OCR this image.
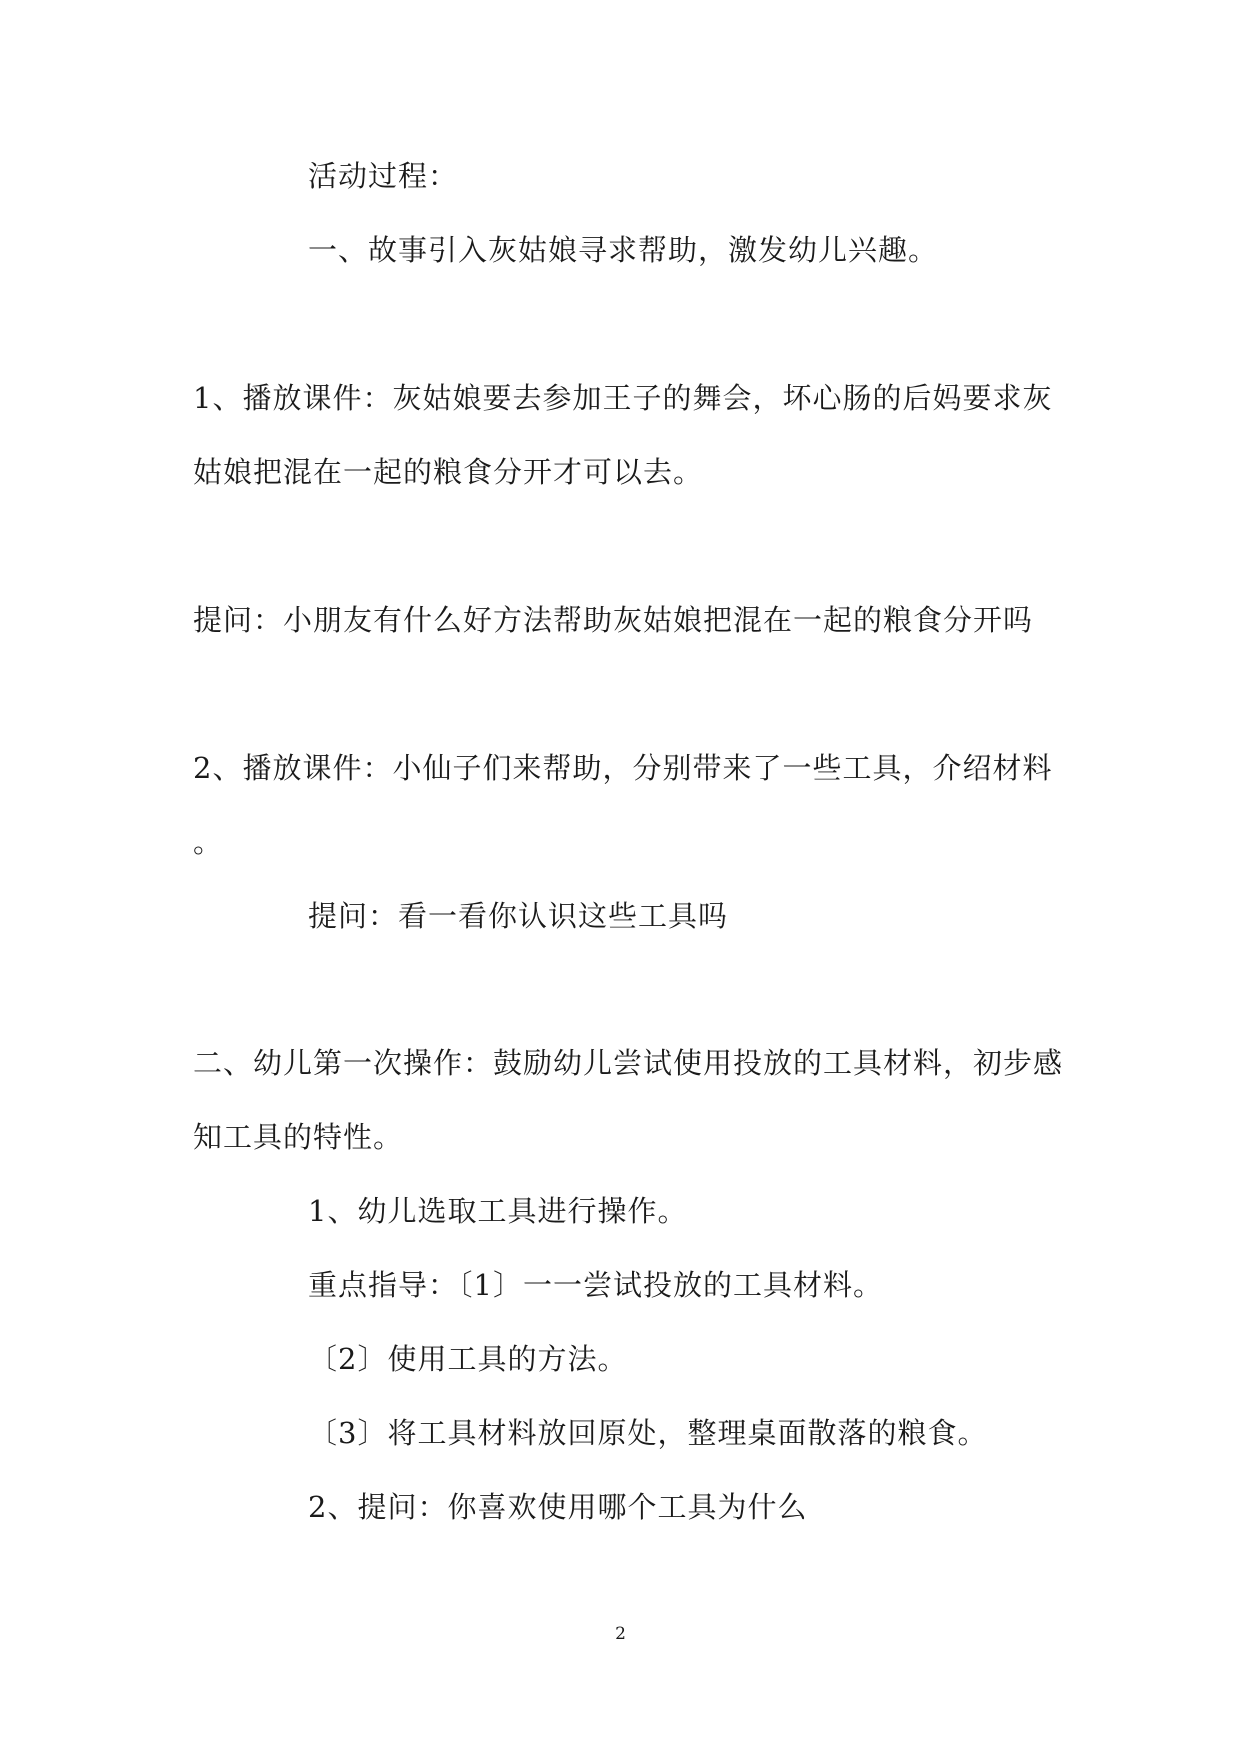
活动过程：
一、故事引入灰姑娘寻求帮助，激发幼儿兴趣。
1、播放课件：灰姑娘要去参加王子的舞会，坏心肠的后妈要求灰
姑娘把混在一起的粮食分开才可以去。
提问：小朋友有什么好方法帮助灰姑娘把混在一起的粮食分开吗
2、播放课件：小仙子们来帮助，分别带来了一些工具，介绍材料
。
提问：看一看你认识这些工具吗
二、幼儿第一次操作：鼓励幼儿尝试使用投放的工具材料，初步感
知工具的特性。
1、幼儿选取工具进行操作。
重点指导：〔1〕一一尝试投放的工具材料。
〔2〕使用工具的方法。
〔3〕将工具材料放回原处，整理桌面散落的粮食。
2、提问：你喜欢使用哪个工具为什么
2
